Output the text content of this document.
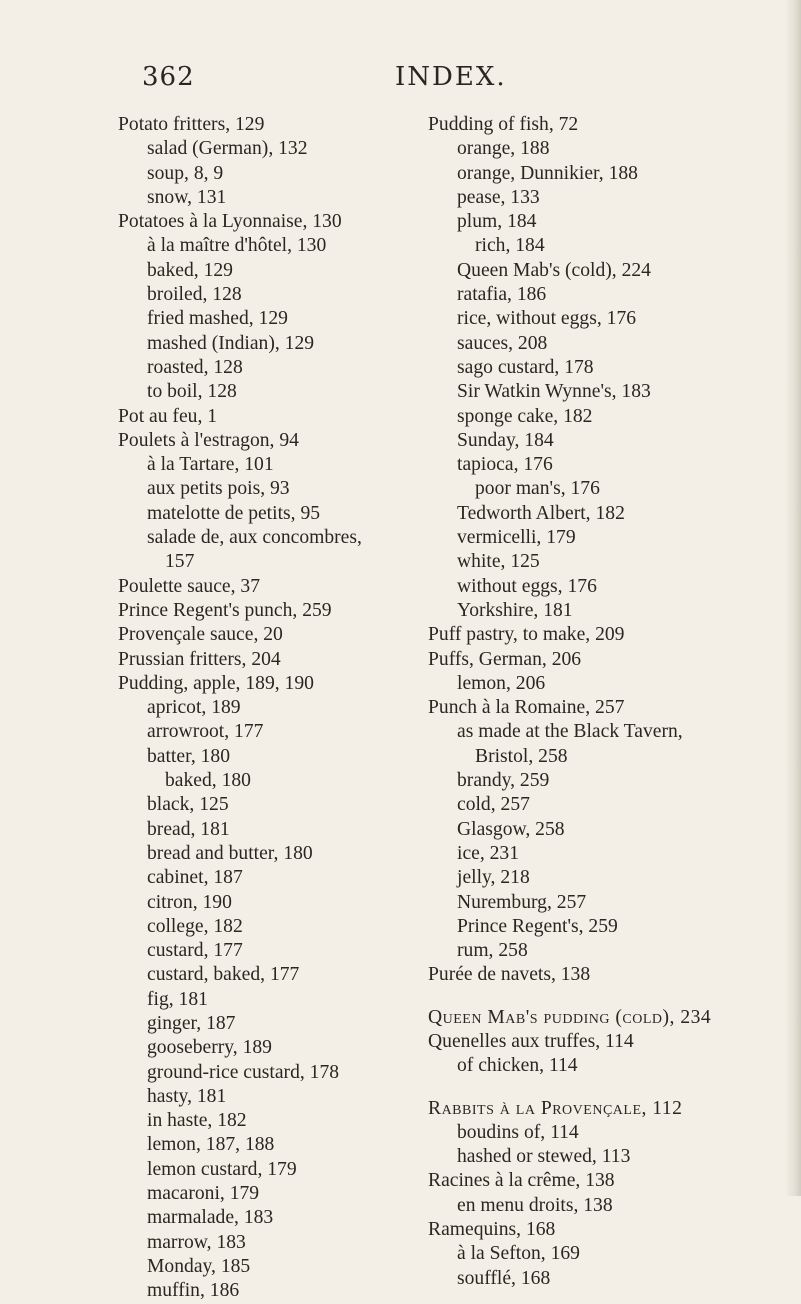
362	INDEX.
Potato fritters, 129
salad (German), 132
soup, 8, 9
snow, 131
Potatoes à la Lyonnaise, 130
à la maître d'hôtel, 130
baked, 129
broiled, 128
fried mashed, 129
mashed (Indian), 129
roasted, 128
to boil, 128
Pot au feu, 1
Poulets à l'estragon, 94
à la Tartare, 101
aux petits pois, 93
matelotte de petits, 95
salade de, aux concombres,
157
Poulette sauce, 37
Prince Regent's punch, 259
Provençale sauce, 20
Prussian fritters, 204
Pudding, apple, 189, 190
apricot, 189
arrowroot, 177
batter, 180
baked, 180
black, 125
bread, 181
bread and butter, 180
cabinet, 187
citron, 190
college, 182
custard, 177
custard, baked, 177
fig, 181
ginger, 187
gooseberry, 189
ground-rice custard, 178
hasty, 181
in haste, 182
lemon, 187, 188
lemon custard, 179
macaroni, 179
marmalade, 183
marrow, 183
Monday, 185
muffin, 186
Pudding of fish, 72
orange, 188
orange, Dunnikier, 188
pease, 133
plum, 184
rich, 184
Queen Mab's (cold), 224
ratafia, 186
rice, without eggs, 176
sauces, 208
sago custard, 178
Sir Watkin Wynne's, 183
sponge cake, 182
Sunday, 184
tapioca, 176
poor man's, 176
Tedworth Albert, 182
vermicelli, 179
white, 125
without eggs, 176
Yorkshire, 181
Puff pastry, to make, 209
Puffs, German, 206
lemon, 206
Punch à la Romaine, 257
as made at the Black Tavern,
Bristol, 258
brandy, 259
cold, 257
Glasgow, 258
ice, 231
jelly, 218
Nuremburg, 257
Prince Regent's, 259
rum, 258
Purée de navets, 138
Queen Mab's pudding (cold), 234
Quenelles aux truffes, 114
of chicken, 114
Rabbits à la Provençale, 112
boudins of, 114
hashed or stewed, 113
Racines à la crême, 138
en menu droits, 138
Ramequins, 168
à la Sefton, 169
soufflé, 168
